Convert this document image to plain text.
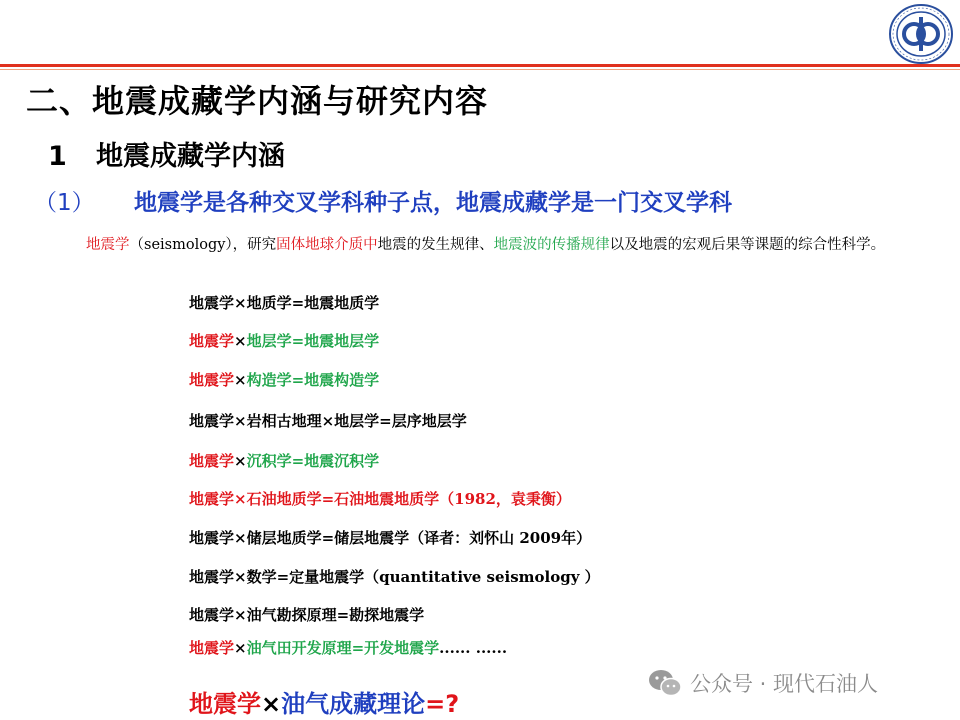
二、地震成藏学内涵与研究内容
1 地震成藏学内涵
（1） 地震学是各种交叉学科种子点，地震成藏学是一门交叉学科
地震学（seismology），研究固体地球介质中地震的发生规律、地震波的传播规律以及地震的宏观后果等课题的综合性科学。
地震学×地质学=地震地质学
地震学×地层学=地震地层学
地震学×构造学=地震构造学
地震学×岩相古地理×地层学=层序地层学
地震学×沉积学=地震沉积学
地震学×石油地质学=石油地震地质学（1982，袁秉衡）
地震学×储层地质学=储层地震学（译者：刘怀山 2009年）
地震学×数学=定量地震学（quantitative seismology ）
地震学×油气勘探原理=勘探地震学
地震学×油气田开发原理=开发地震学...... ......
地震学×油气成藏理论=?
公众号 · 现代石油人
